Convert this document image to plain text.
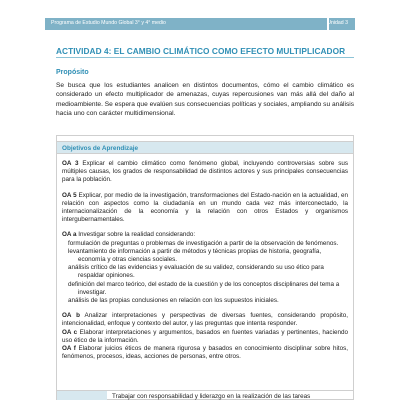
Programa de Estudio Mundo Global 3° y 4° medio	Unidad 3
ACTIVIDAD 4: EL CAMBIO CLIMÁTICO COMO EFECTO MULTIPLICADOR
Propósito
Se busca que los estudiantes analicen en distintos documentos, cómo el cambio climático es considerado un efecto multiplicador de amenazas, cuyas repercusiones van más allá del daño al medioambiente. Se espera que evalúen sus consecuencias políticas y sociales, ampliando su análisis hacia uno con carácter multidimensional.
Objetivos de Aprendizaje

OA 3 Explicar el cambio climático como fenómeno global, incluyendo controversias sobre sus múltiples causas, los grados de responsabilidad de distintos actores y sus principales consecuencias para la población.

OA 5 Explicar, por medio de la investigación, transformaciones del Estado-nación en la actualidad, en relación con aspectos como la ciudadanía en un mundo cada vez más interconectado, la internacionalización de la economía y la relación con otros Estados y organismos intergubernamentales.

OA a Investigar sobre la realidad considerando:

formulación de preguntas o problemas de investigación a partir de la observación de fenómenos.

levantamiento de información a partir de métodos y técnicas propias de historia, geografía, economía y otras ciencias sociales.

análisis crítico de las evidencias y evaluación de su validez, considerando su uso ético para respaldar opiniones.

definición del marco teórico, del estado de la cuestión y de los conceptos disciplinares del tema a investigar.

análisis de las propias conclusiones en relación con los supuestos iniciales.

OA b Analizar interpretaciones y perspectivas de diversas fuentes, considerando propósito, intencionalidad, enfoque y contexto del autor, y las preguntas que intenta responder.

OA c Elaborar interpretaciones y argumentos, basados en fuentes variadas y pertinentes, haciendo uso ético de la información.

OA f Elaborar juicios éticos de manera rigurosa y basados en conocimiento disciplinar sobre hitos, fenómenos, procesos, ideas, acciones de personas, entre otros.

Trabajar con responsabilidad y liderazgo en la realización de las tareas
